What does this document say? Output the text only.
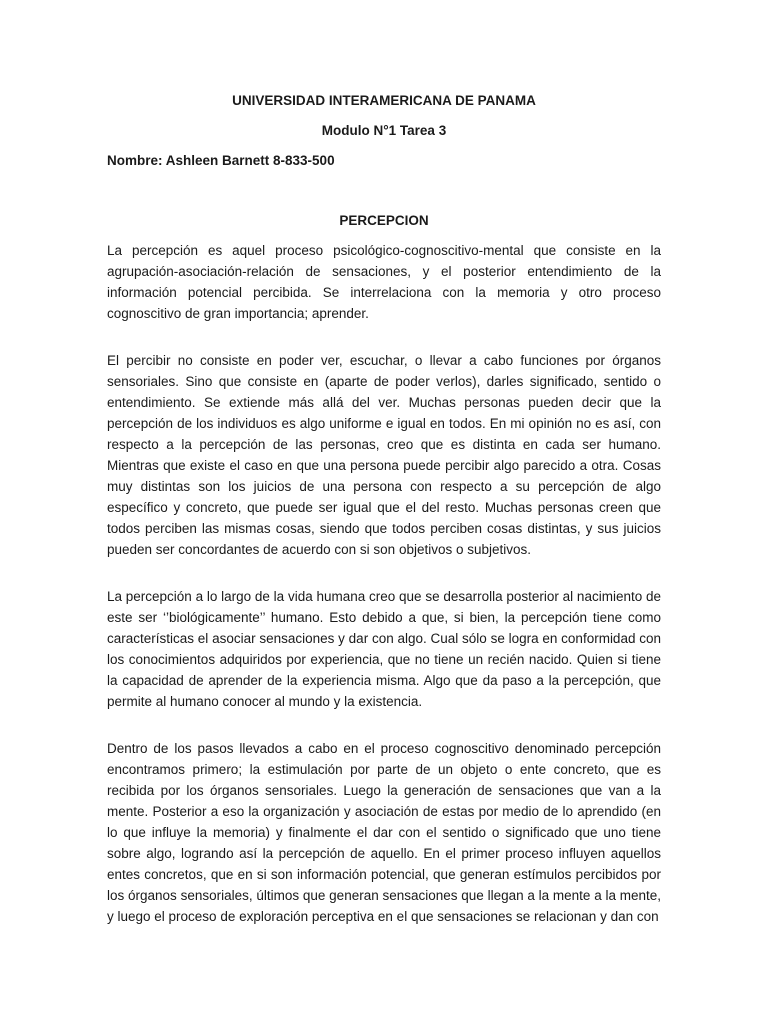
UNIVERSIDAD INTERAMERICANA DE PANAMA
Modulo N°1 Tarea 3
Nombre: Ashleen Barnett 8-833-500
PERCEPCION

La percepción es aquel proceso psicológico-cognoscitivo-mental que consiste en la agrupación-asociación-relación de sensaciones, y el posterior entendimiento de la información potencial percibida. Se interrelaciona con la memoria y otro proceso cognoscitivo de gran importancia; aprender.

El percibir no consiste en poder ver, escuchar, o llevar a cabo funciones por órganos sensoriales. Sino que consiste en (aparte de poder verlos), darles significado, sentido o entendimiento. Se extiende más allá del ver. Muchas personas pueden decir que la percepción de los individuos es algo uniforme e igual en todos. En mi opinión no es así, con respecto a la percepción de las personas, creo que es distinta en cada ser humano. Mientras que existe el caso en que una persona puede percibir algo parecido a otra. Cosas muy distintas son los juicios de una persona con respecto a su percepción de algo específico y concreto, que puede ser igual que el del resto. Muchas personas creen que todos perciben las mismas cosas, siendo que todos perciben cosas distintas, y sus juicios pueden ser concordantes de acuerdo con si son objetivos o subjetivos.

La percepción a lo largo de la vida humana creo que se desarrolla posterior al nacimiento de este ser ‘’biológicamente’’ humano. Esto debido a que, si bien, la percepción tiene como características el asociar sensaciones y dar con algo. Cual sólo se logra en conformidad con los conocimientos adquiridos por experiencia, que no tiene un recién nacido. Quien si tiene la capacidad de aprender de la experiencia misma. Algo que da paso a la percepción, que permite al humano conocer al mundo y la existencia.

Dentro de los pasos llevados a cabo en el proceso cognoscitivo denominado percepción encontramos primero; la estimulación por parte de un objeto o ente concreto, que es recibida por los órganos sensoriales. Luego la generación de sensaciones que van a la mente. Posterior a eso la organización y asociación de estas por medio de lo aprendido (en lo que influye la memoria) y finalmente el dar con el sentido o significado que uno tiene sobre algo, logrando así la percepción de aquello. En el primer proceso influyen aquellos entes concretos, que en si son información potencial, que generan estímulos percibidos por los órganos sensoriales, últimos que generan sensaciones que llegan a la mente a la mente, y luego el proceso de exploración perceptiva en el que sensaciones se relacionan y dan con
